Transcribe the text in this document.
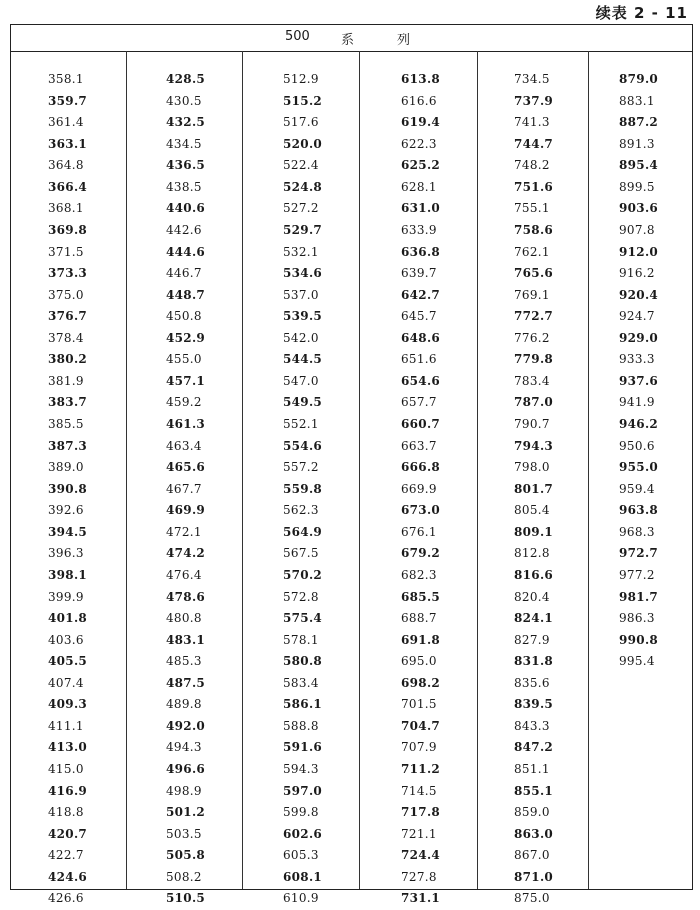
续表 2 - 11
500 系	列
358.1
359.7
361.4
363.1
364.8
366.4
368.1
369.8
371.5
373.3
375.0
376.7
378.4
380.2
381.9
383.7
385.5
387.3
389.0
390.8
392.6
394.5
396.3
398.1
399.9
401.8
403.6
405.5
407.4
409.3
411.1
413.0
415.0
416.9
418.8
420.7
422.7
424.6
426.6
428.5
430.5
432.5
434.5
436.5
438.5
440.6
442.6
444.6
446.7
448.7
450.8
452.9
455.0
457.1
459.2
461.3
463.4
465.6
467.7
469.9
472.1
474.2
476.4
478.6
480.8
483.1
485.3
487.5
489.8
492.0
494.3
496.6
498.9
501.2
503.5
505.8
508.2
510.5
512.9
515.2
517.6
520.0
522.4
524.8
527.2
529.7
532.1
534.6
537.0
539.5
542.0
544.5
547.0
549.5
552.1
554.6
557.2
559.8
562.3
564.9
567.5
570.2
572.8
575.4
578.1
580.8
583.4
586.1
588.8
591.6
594.3
597.0
599.8
602.6
605.3
608.1
610.9
613.8
616.6
619.4
622.3
625.2
628.1
631.0
633.9
636.8
639.7
642.7
645.7
648.6
651.6
654.6
657.7
660.7
663.7
666.8
669.9
673.0
676.1
679.2
682.3
685.5
688.7
691.8
695.0
698.2
701.5
704.7
707.9
711.2
714.5
717.8
721.1
724.4
727.8
731.1
734.5
737.9
741.3
744.7
748.2
751.6
755.1
758.6
762.1
765.6
769.1
772.7
776.2
779.8
783.4
787.0
790.7
794.3
798.0
801.7
805.4
809.1
812.8
816.6
820.4
824.1
827.9
831.8
835.6
839.5
843.3
847.2
851.1
855.1
859.0
863.0
867.0
871.0
875.0
879.0
883.1
887.2
891.3
895.4
899.5
903.6
907.8
912.0
916.2
920.4
924.7
929.0
933.3
937.6
941.9
946.2
950.6
955.0
959.4
963.8
968.3
972.7
977.2
981.7
986.3
990.8
995.4
